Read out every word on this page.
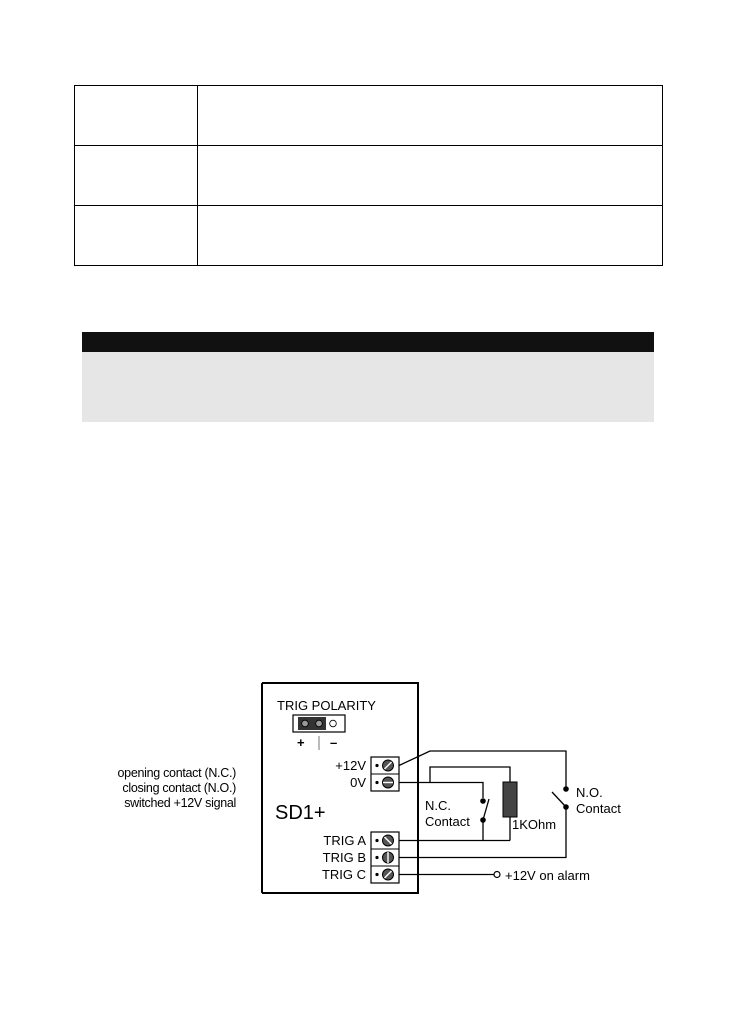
opening contact (N.C.)
closing contact (N.O.)
switched +12V signal
TRIG POLARITY
+ –
SD1+
+12V
0V
TRIG A
TRIG B
TRIG C
N.C.
Contact
N.O.
Contact
1KOhm
+12V on alarm
